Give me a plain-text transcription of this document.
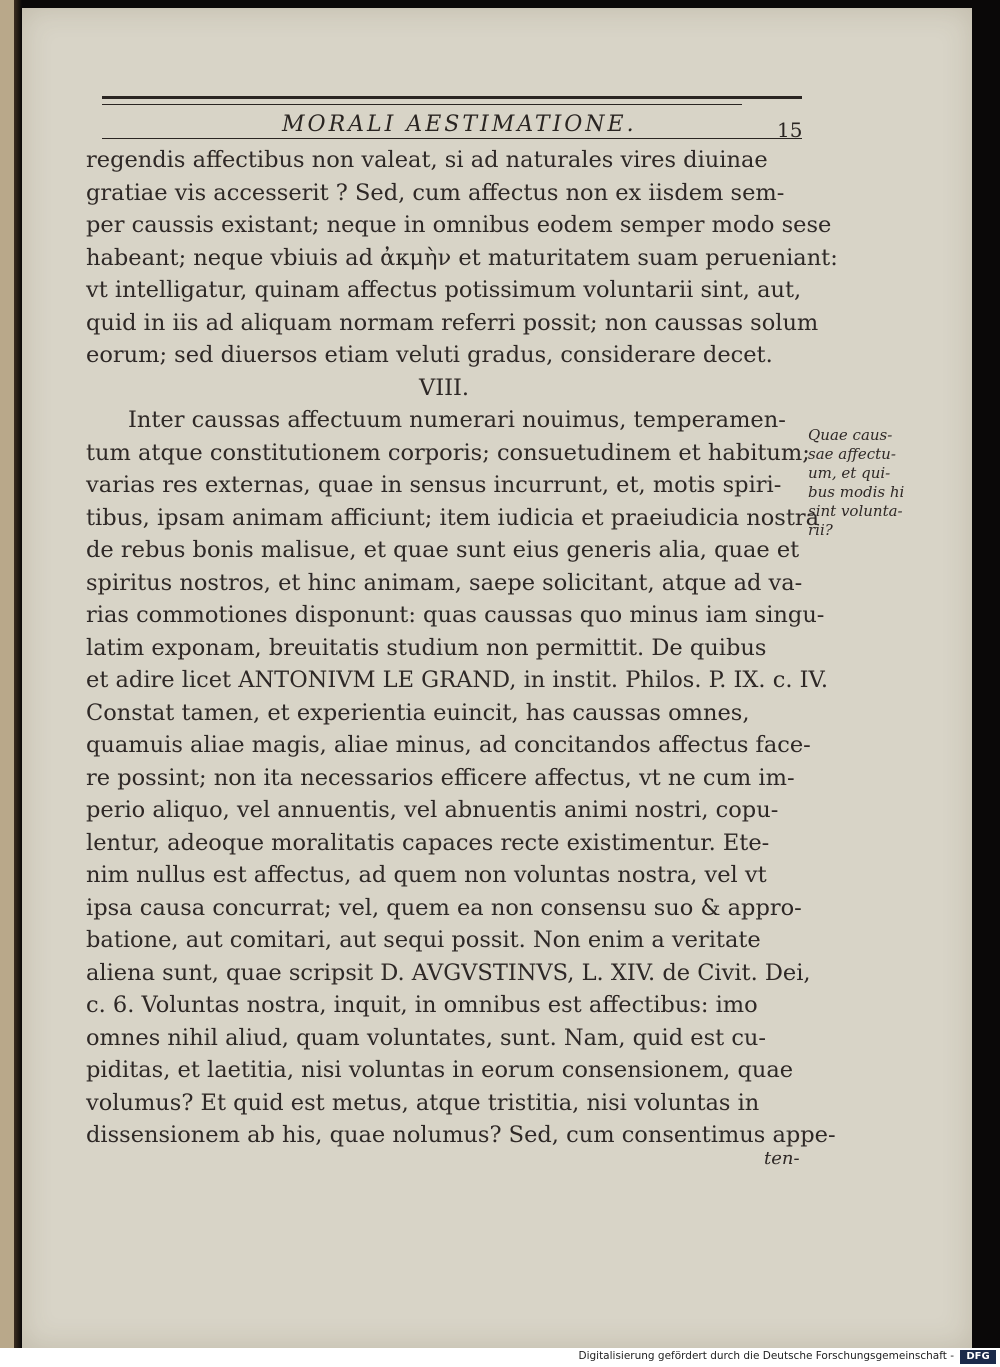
MORALI AESTIMATIONE.	15
regendis affectibus non valeat, si ad naturales vires diuinae
gratiae vis accesserit ? Sed, cum affectus non ex iisdem sem-
per caussis existant; neque in omnibus eodem semper modo sese
habeant; neque vbiuis ad ἀκμὴν et maturitatem suam perueniant:
vt intelligatur, quinam affectus potissimum voluntarii sint, aut,
quid in iis ad aliquam normam referri possit; non caussas solum
eorum; sed diuersos etiam veluti gradus, considerare decet.
VIII.
Inter caussas affectuum numerari nouimus, temperamen-
tum atque constitutionem corporis; consuetudinem et habitum;
varias res externas, quae in sensus incurrunt, et, motis spiri-
tibus, ipsam animam afficiunt; item iudicia et praeiudicia nostra
de rebus bonis malisue, et quae sunt eius generis alia, quae et
spiritus nostros, et hinc animam, saepe solicitant, atque ad va-
rias commotiones disponunt: quas caussas quo minus iam singu-
latim exponam, breuitatis studium non permittit. De quibus
et adire licet ANTONIVM LE GRAND, in instit. Philos. P. IX. c. IV.
Constat tamen, et experientia euincit, has caussas omnes,
quamuis aliae magis, aliae minus, ad concitandos affectus face-
re possint; non ita necessarios efficere affectus, vt ne cum im-
perio aliquo, vel annuentis, vel abnuentis animi nostri, copu-
lentur, adeoque moralitatis capaces recte existimentur. Ete-
nim nullus est affectus, ad quem non voluntas nostra, vel vt
ipsa causa concurrat; vel, quem ea non consensu suo & appro-
batione, aut comitari, aut sequi possit. Non enim a veritate
aliena sunt, quae scripsit D. AVGVSTINVS, L. XIV. de Civit. Dei,
c. 6. Voluntas nostra, inquit, in omnibus est affectibus: imo
omnes nihil aliud, quam voluntates, sunt. Nam, quid est cu-
piditas, et laetitia, nisi voluntas in eorum consensionem, quae
volumus? Et quid est metus, atque tristitia, nisi voluntas in
dissensionem ab his, quae nolumus? Sed, cum consentimus appe-
Quae caus-
sae affectu-
um, et qui-
bus modis hi
sint volunta-
rii?
ten-
Digitalisierung gefördert durch die Deutsche Forschungsgemeinschaft -	DFG
